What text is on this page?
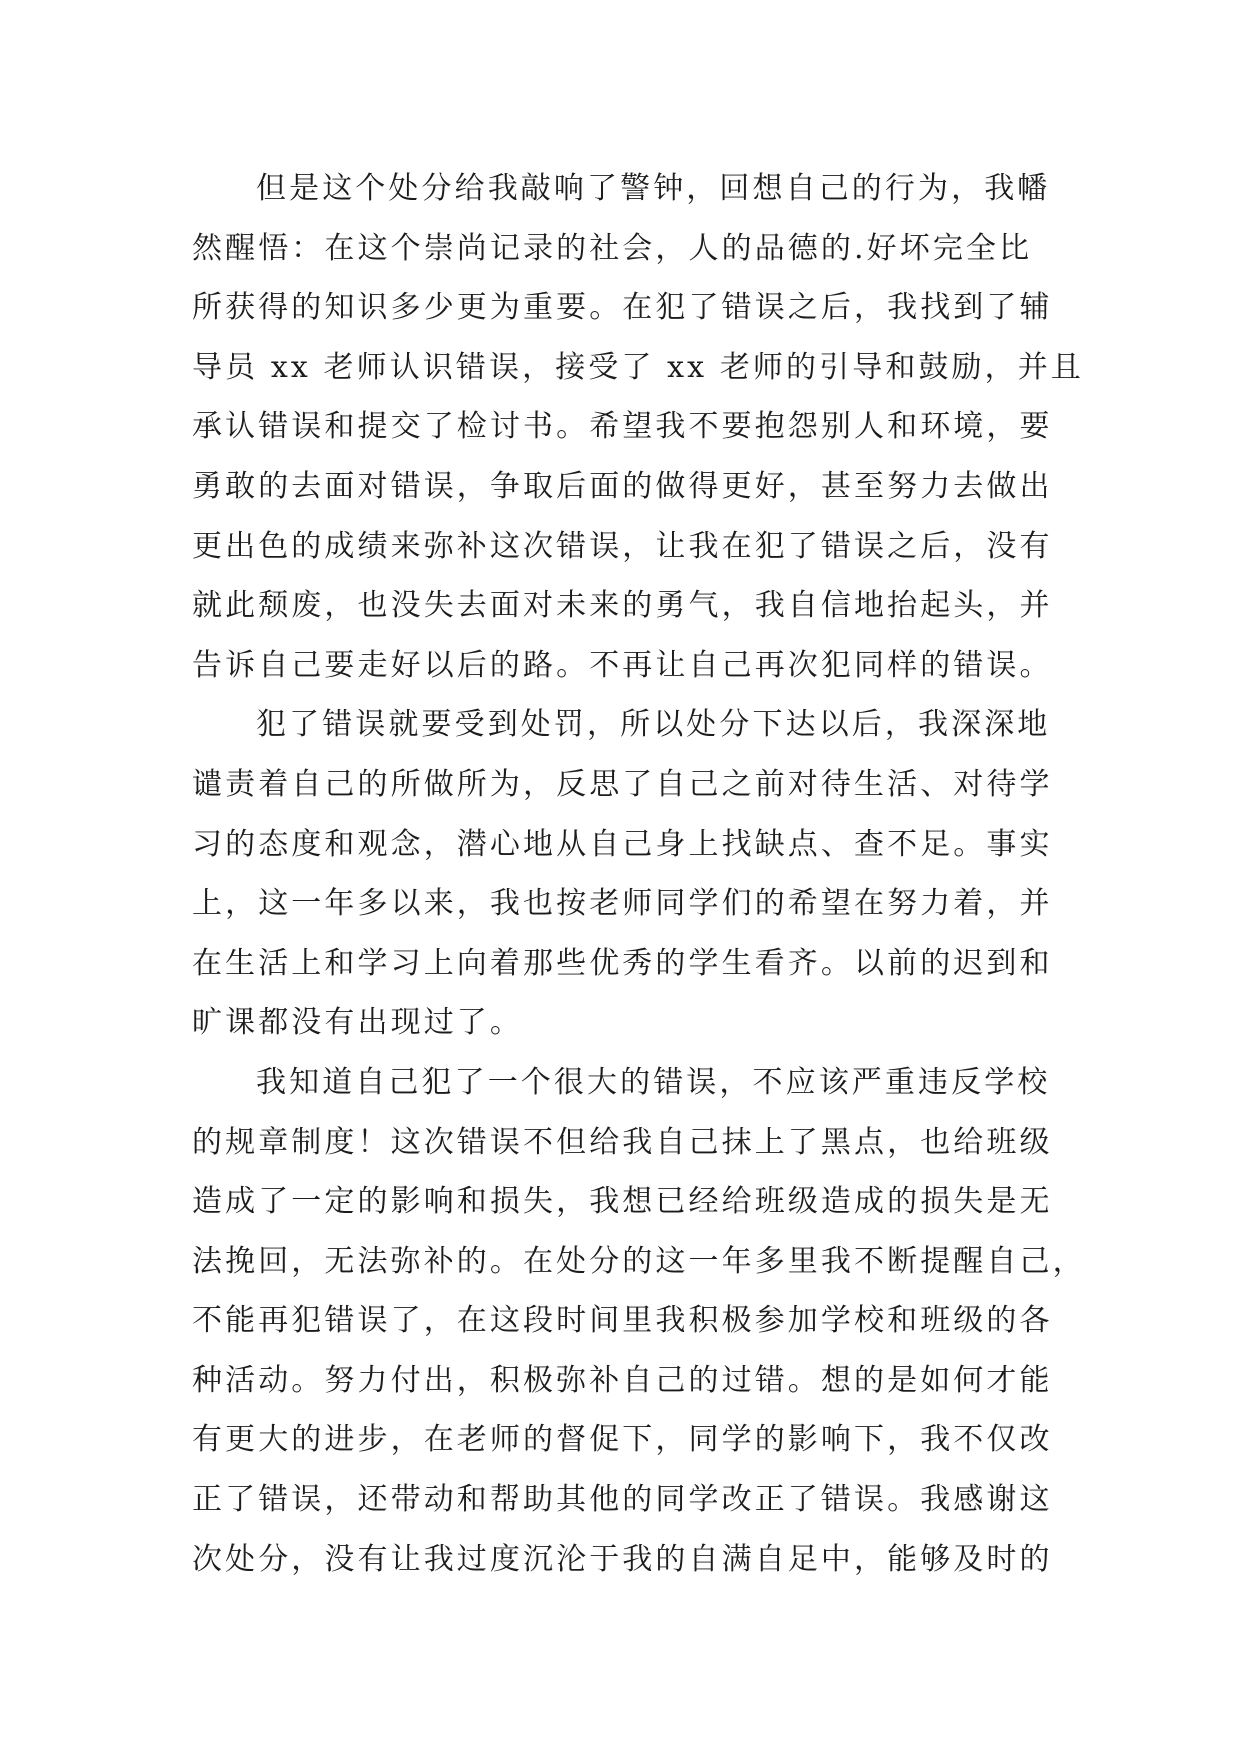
但是这个处分给我敲响了警钟，回想自己的行为，我幡
然醒悟：在这个崇尚记录的社会，人的品德的.好坏完全比
所获得的知识多少更为重要。在犯了错误之后，我找到了辅
导员 xx 老师认识错误，接受了 xx 老师的引导和鼓励，并且
承认错误和提交了检讨书。希望我不要抱怨别人和环境，要
勇敢的去面对错误，争取后面的做得更好，甚至努力去做出
更出色的成绩来弥补这次错误，让我在犯了错误之后，没有
就此颓废，也没失去面对未来的勇气，我自信地抬起头，并
告诉自己要走好以后的路。不再让自己再次犯同样的错误。
犯了错误就要受到处罚，所以处分下达以后，我深深地
谴责着自己的所做所为，反思了自己之前对待生活、对待学
习的态度和观念，潜心地从自己身上找缺点、查不足。事实
上，这一年多以来，我也按老师同学们的希望在努力着，并
在生活上和学习上向着那些优秀的学生看齐。以前的迟到和
旷课都没有出现过了。
我知道自己犯了一个很大的错误，不应该严重违反学校
的规章制度！这次错误不但给我自己抹上了黑点，也给班级
造成了一定的影响和损失，我想已经给班级造成的损失是无
法挽回，无法弥补的。在处分的这一年多里我不断提醒自己，
不能再犯错误了，在这段时间里我积极参加学校和班级的各
种活动。努力付出，积极弥补自己的过错。想的是如何才能
有更大的进步，在老师的督促下，同学的影响下，我不仅改
正了错误，还带动和帮助其他的同学改正了错误。我感谢这
次处分，没有让我过度沉沦于我的自满自足中，能够及时的
